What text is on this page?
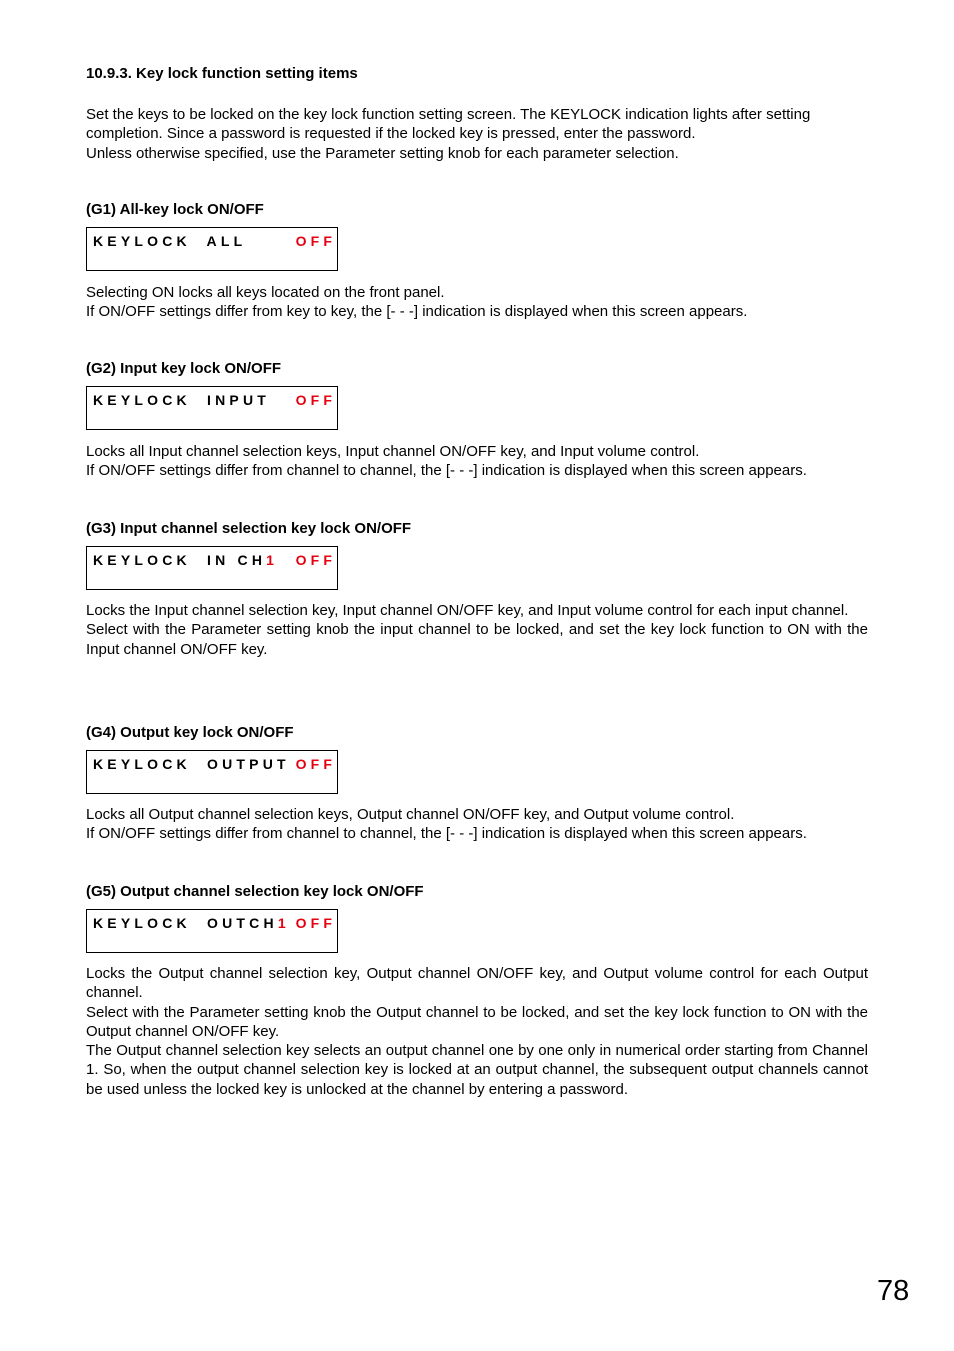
10.9.3. Key lock function setting items

Set the keys to be locked on the key lock function setting screen. The KEYLOCK indication lights after setting completion. Since a password is requested if the locked key is pressed, enter the password.

Unless otherwise specified, use the Parameter setting knob for each parameter selection.

(G1) All-key lock ON/OFF
KEYLOCK  ALL	OFF

Selecting ON locks all keys located on the front panel.

If ON/OFF settings differ from key to key, the [- - -] indication is displayed when this screen appears.

(G2) Input key lock ON/OFF
KEYLOCK  INPUT OFF

Locks all Input channel selection keys, Input channel ON/OFF key, and Input volume control.

If ON/OFF settings differ from channel to channel, the [- - -] indication is displayed when this screen appears.

(G3) Input channel selection key lock ON/OFF
KEYLOCK  IN CH1 OFF

Locks the Input channel selection key, Input channel ON/OFF key, and Input volume control for each input channel.

Select with the Parameter setting knob the input channel to be locked, and set the key lock function to ON with the Input channel ON/OFF key.

(G4) Output key lock ON/OFF
KEYLOCK  OUTPUT OFF

Locks all Output channel selection keys, Output channel ON/OFF key, and Output volume control.

If ON/OFF settings differ from channel to channel, the [- - -] indication is displayed when this screen appears.

(G5) Output channel selection key lock ON/OFF
KEYLOCK  OUTCH1 OFF

Locks the Output channel selection key, Output channel ON/OFF key, and Output volume control for each Output channel.

Select with the Parameter setting knob the Output channel to be locked, and set the key lock function to ON with the Output channel ON/OFF key.

The Output channel selection key selects an output channel one by one only in numerical order starting from Channel 1. So, when the output channel selection key is locked at an output channel, the subsequent output channels cannot be used unless the locked key is unlocked at the channel by entering a password.

78
